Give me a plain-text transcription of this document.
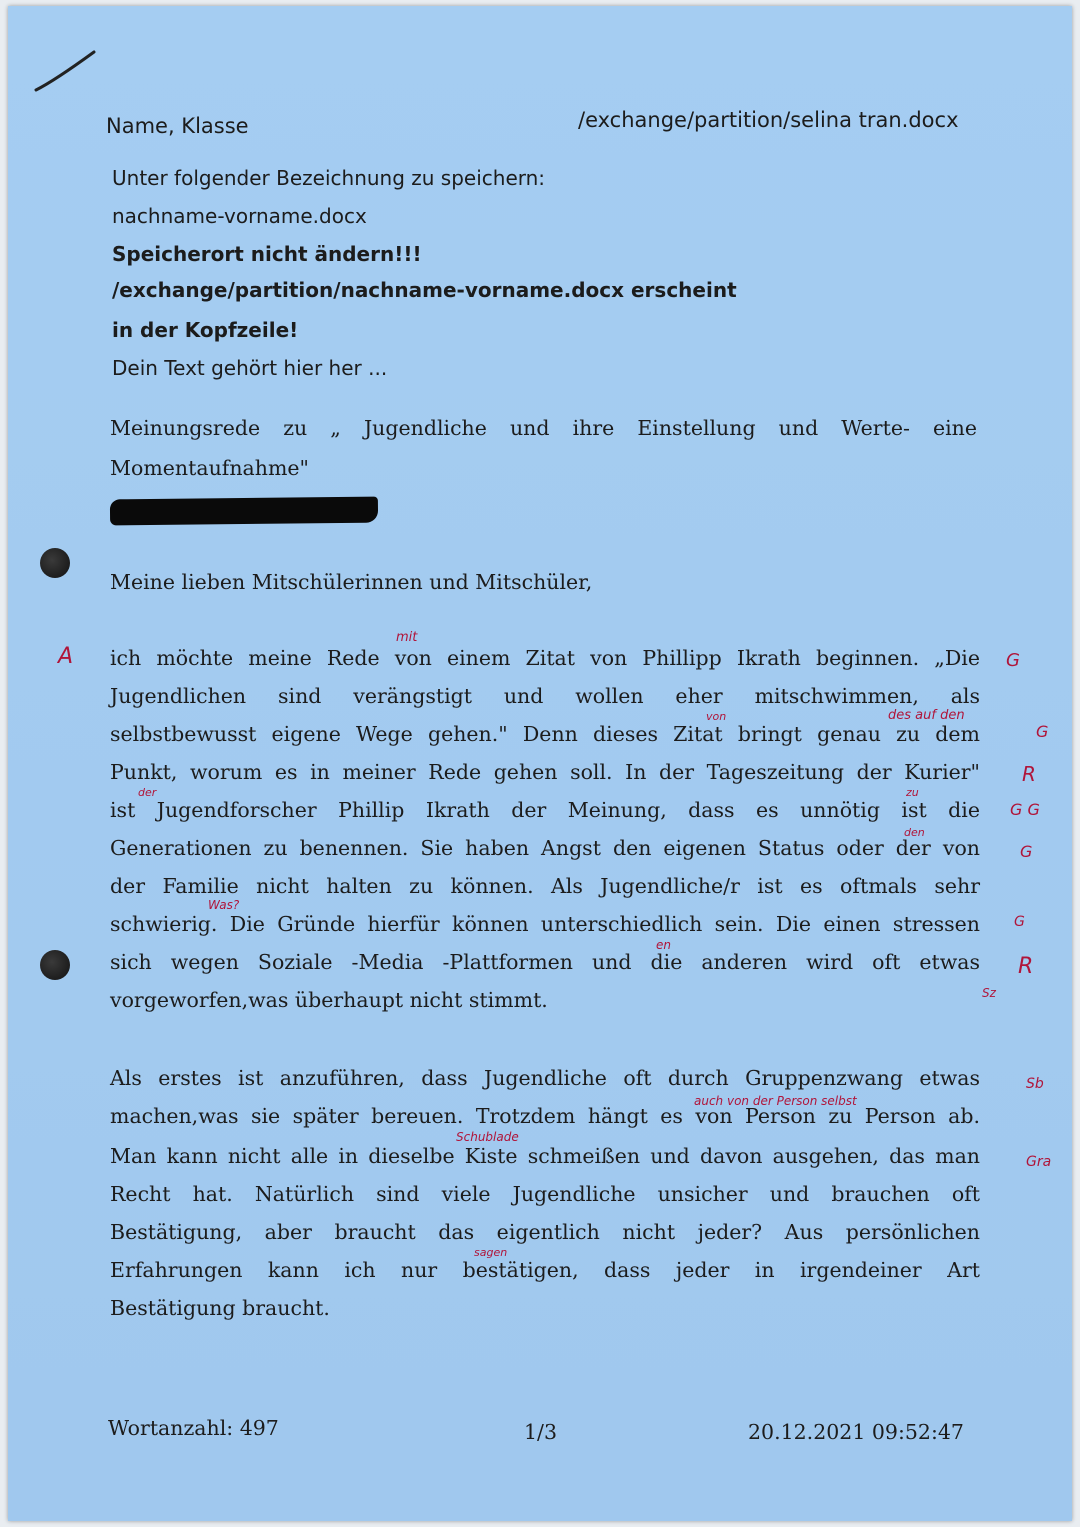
Name, Klasse	/exchange/partition/selina tran.docx
Unter folgender Bezeichnung zu speichern:
nachname-vorname.docx
Speicherort nicht ändern!!!
/exchange/partition/nachname-vorname.docx erscheint
in der Kopfzeile!
Dein Text gehört hier her ...
Meinungsrede zu „ Jugendliche und ihre Einstellung und Werte- eine
Momentaufnahme"
Meine lieben Mitschülerinnen und Mitschüler,
ich möchte meine Rede von einem Zitat von Phillipp Ikrath beginnen. „Die
Jugendlichen sind verängstigt und wollen eher mitschwimmen, als
selbstbewusst eigene Wege gehen." Denn dieses Zitat bringt genau zu dem
Punkt, worum es in meiner Rede gehen soll. In der Tageszeitung der Kurier"
ist Jugendforscher Phillip Ikrath der Meinung, dass es unnötig ist die
Generationen zu benennen. Sie haben Angst den eigenen Status oder der von
der Familie nicht halten zu können. Als Jugendliche/r ist es oftmals sehr
schwierig. Die Gründe hierfür können unterschiedlich sein. Die einen stressen
sich wegen Soziale -Media -Plattformen und die anderen wird oft etwas
vorgeworfen,was überhaupt nicht stimmt.
Als erstes ist anzuführen, dass Jugendliche oft durch Gruppenzwang etwas
machen,was sie später bereuen. Trotzdem hängt es von Person zu Person ab.
Man kann nicht alle in dieselbe Kiste schmeißen und davon ausgehen, das man
Recht hat. Natürlich sind viele Jugendliche unsicher und brauchen oft
Bestätigung, aber braucht das eigentlich nicht jeder? Aus persönlichen
Erfahrungen kann ich nur bestätigen, dass jeder in irgendeiner Art
Bestätigung braucht.
A
mit
von	des auf den
der	zu
den
Was?
en
auch von der Person selbst
Schublade
sagen
G
G
R
G G
G
G
R
Sz
Sb
Gra
Wortanzahl: 497	1/3	20.12.2021 09:52:47
